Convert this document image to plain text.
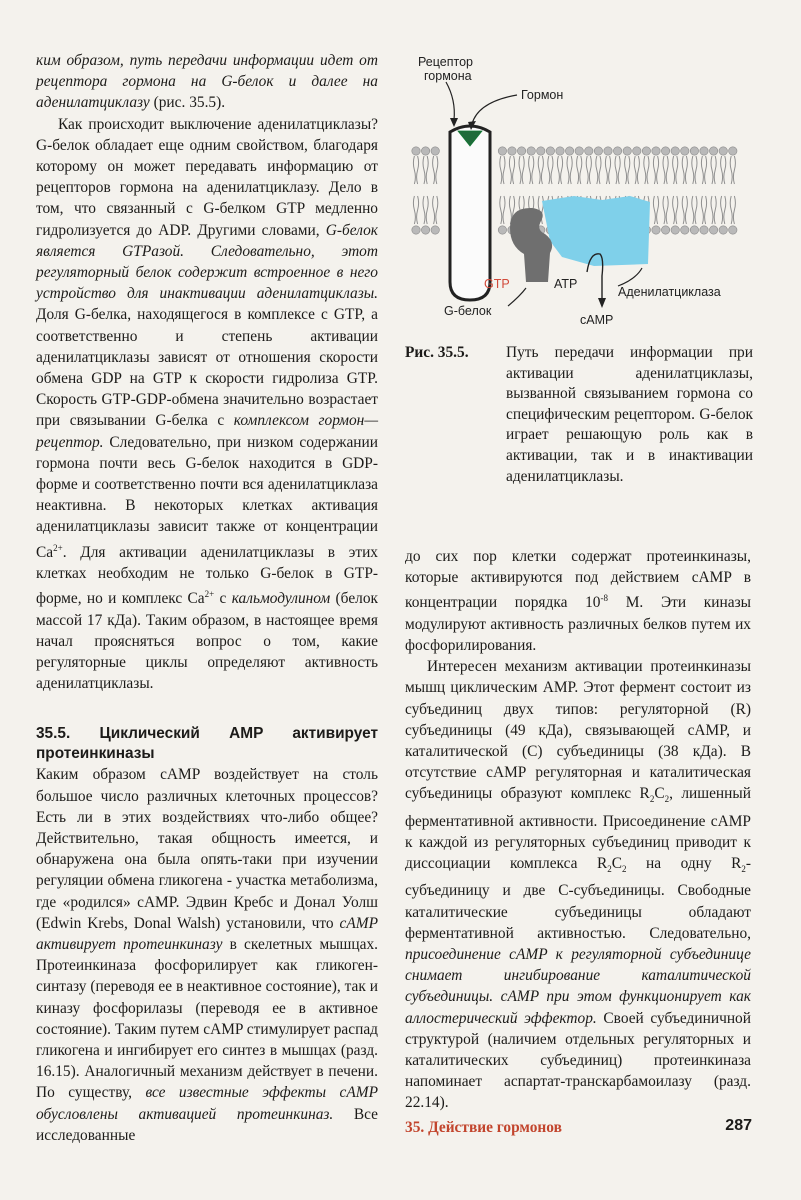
ким образом, путь передачи информации идет от рецептора гормона на G-белок и далее на аденилатциклазу (рис. 35.5).

Как происходит выключение аденилатциклазы? G-белок обладает еще одним свойством, благодаря которому он может передавать информацию от рецепторов гормона на аденилатциклазу. Дело в том, что связанный с G-белком GTP медленно гидролизуется до ADP. Другими словами, G-белок является GTPазой. Следовательно, этот регуляторный белок содержит встроенное в него устройство для инактивации аденилатциклазы. Доля G-белка, находящегося в комплексе с GTP, а соответственно и степень активации аденилатциклазы зависят от отношения скорости обмена GDP на GTP к скорости гидролиза GTP. Скорость GTP-GDP-обмена значительно возрастает при связывании G-белка с комплексом гормон—рецептор. Следовательно, при низком содержании гормона почти весь G-белок находится в GDP-форме и соответственно почти вся аденилатциклаза неактивна. В некоторых клетках активация аденилатциклазы зависит также от концентрации $Ca^{2+}$. Для активации аденилатциклазы в этих клетках необходим не только G-белок в GTP-форме, но и комплекс $Ca^{2+}$ с кальмодулином (белок массой 17 кДа). Таким образом, в настоящее время начал проясняться вопрос о том, какие регуляторные циклы определяют активность аденилатциклазы.

35.5. Циклический AMP активирует протеинкиназы

Каким образом cAMP воздействует на столь большое число различных клеточных процессов? Есть ли в этих воздействиях что-либо общее? Действительно, такая общность имеется, и обнаружена она была опять-таки при изучении регуляции обмена гликогена - участка метаболизма, где «родился» cAMP. Эдвин Кребс и Донал Уолш (Edwin Krebs, Donal Walsh) установили, что cAMP активирует протеинкиназу в скелетных мышцах. Протеинкиназа фосфорилирует как гликоген-синтазу (переводя ее в неактивное состояние), так и киназу фосфорилазы (переводя ее в активное состояние). Таким путем cAMP стимулирует распад гликогена и ингибирует его синтез в мышцах (разд. 16.15). Аналогичный механизм действует в печени. По существу, все известные эффекты cAMP обусловлены активацией протеинкиназ. Все исследованные

Рецептор
гормона
Гормон
GTP	ATP
Аденилатциклаза
G-белок
cAMP
Рис. 35.5.	Путь передачи информации при активации аденилатциклазы, вызванной связыванием гормона со специфическим рецептором. G-белок играет решающую роль как в активации, так и в инактивации аденилатциклазы.

до сих пор клетки содержат протеинкиназы, которые активируются под действием cAMP в концентрации порядка $10^{-8}$ М. Эти киназы модулируют активность различных белков путем их фосфорилирования.

Интересен механизм активации протеинкиназы мышц циклическим AMP. Этот фермент состоит из субъединиц двух типов: регуляторной (R) субъединицы (49 кДа), связывающей cAMP, и каталитической (C) субъединицы (38 кДа). В отсутствие cAMP регуляторная и каталитическая субъединицы образуют комплекс $R_2C_2$, лишенный ферментативной активности. Присоединение cAMP к каждой из регуляторных субъединиц приводит к диссоциации комплекса $R_2C_2$ на одну $R_2$-субъединицу и две C-субъединицы. Свободные каталитические субъединицы обладают ферментативной активностью. Следовательно, присоединение cAMP к регуляторной субъединице снимает ингибирование каталитической субъединицы. cAMP при этом функционирует как аллостерический эффектор. Своей субъединичной структурой (наличием отдельных регуляторных и каталитических субъединиц) протеинкиназа напоминает аспартат-транскарбамоилазу (разд. 22.14).

35. Действие гормонов	287
